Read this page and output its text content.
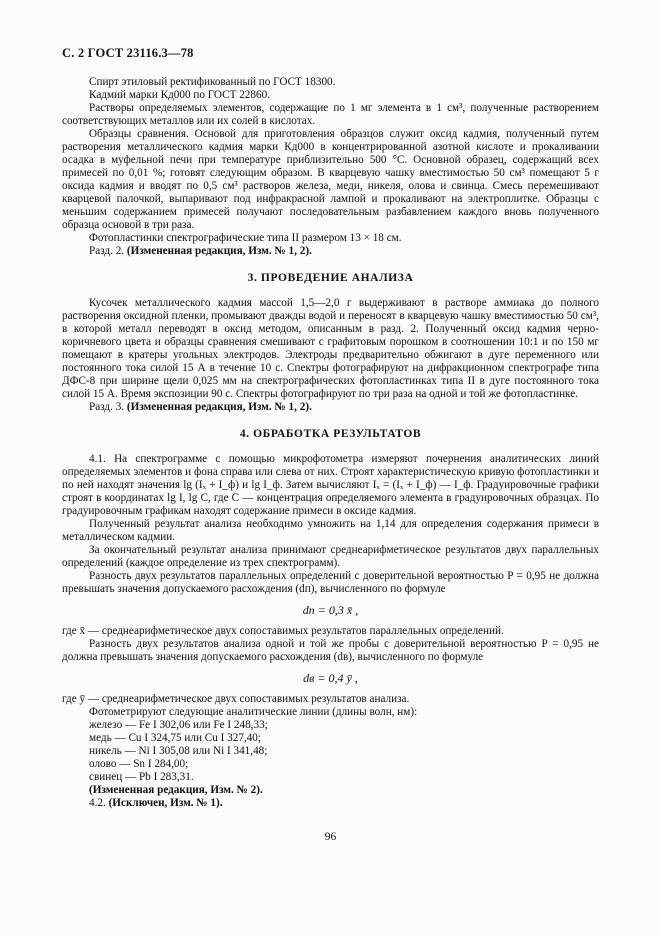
С. 2 ГОСТ 23116.3—78

Спирт этиловый ректификованный по ГОСТ 18300.

Кадмий марки Кд000 по ГОСТ 22860.

Растворы определяемых элементов, содержащие по 1 мг элемента в 1 см³, полученные растворением соответствующих металлов или их солей в кислотах.

Образцы сравнения. Основой для приготовления образцов служит оксид кадмия, полученный путем растворения металлического кадмия марки Кд000 в концентрированной азотной кислоте и прокаливании осадка в муфельной печи при температуре приблизительно 500 °С. Основной образец, содержащий всех примесей по 0,01 %; готовят следующим образом. В кварцевую чашку вместимостью 50 см³ помещают 5 г оксида кадмия и вводят по 0,5 см³ растворов железа, меди, никеля, олова и свинца. Смесь перемешивают кварцевой палочкой, выпаривают под инфракрасной лампой и прокаливают на электроплитке. Образцы с меньшим содержанием примесей получают последовательным разбавлением каждого вновь полученного образца основой в три раза.

Фотопластинки спектрографические типа II размером 13 × 18 см.

Разд. 2. (Измененная редакция, Изм. № 1, 2).

3. ПРОВЕДЕНИЕ АНАЛИЗА

Кусочек металлического кадмия массой 1,5—2,0 г выдерживают в растворе аммиака до полного растворения оксидной пленки, промывают дважды водой и переносят в кварцевую чашку вместимостью 50 см³, в которой металл переводят в оксид методом, описанным в разд. 2. Полученный оксид кадмия черно-коричневого цвета и образцы сравнения смешивают с графитовым порошком в соотношении 10:1 и по 150 мг помещают в кратеры угольных электродов. Электроды предварительно обжигают в дуге переменного или постоянного тока силой 15 А в течение 10 с. Спектры фотографируют на дифракционном спектрографе типа ДФС-8 при ширине щели 0,025 мм на спектрографических фотопластинках типа II в дуге постоянного тока силой 15 А. Время экспозиции 90 с. Спектры фотографируют по три раза на одной и той же фотопластинке.

Разд. 3. (Измененная редакция, Изм. № 1, 2).

4. ОБРАБОТКА РЕЗУЛЬТАТОВ

4.1. На спектрограмме с помощью микрофотометра измеряют почернения аналитических линий определяемых элементов и фона справа или слева от них. Строят характеристическую кривую фотопластинки и по ней находят значения lg (Iₓ + I_ф) и lg I_ф. Затем вычисляют Iₓ = (Iₓ + I_ф) — I_ф. Градуировочные графики строят в координатах lg I, lg C, где C — концентрация определяемого элемента в градуировочных образцах. По градуировочным графикам находят содержание примеси в оксиде кадмия.

Полученный результат анализа необходимо умножить на 1,14 для определения содержания примеси в металлическом кадмии.

За окончательный результат анализа принимают среднеарифметическое результатов двух параллельных определений (каждое определение из трех спектрограмм).

Разность двух результатов параллельных определений с доверительной вероятностью P = 0,95 не должна превышать значения допускаемого расхождения (dп), вычисленного по формуле

dп = 0,3 x̄ ,

где x̄ — среднеарифметическое двух сопоставимых результатов параллельных определений.

Разность двух результатов анализа одной и той же пробы с доверительной вероятностью P = 0,95 не должна превышать значения допускаемого расхождения (dв), вычисленного по формуле

dв = 0,4 ȳ ,

где ȳ — среднеарифметическое двух сопоставимых результатов анализа.

Фотометрируют следующие аналитические линии (длины волн, нм):

железо — Fe I 302,06 или Fe I 248,33;

медь — Cu I 324,75 или Cu I 327,40;

никель — Ni I 305,08 или Ni I 341,48;

олово — Sn I 284,00;

свинец — Pb I 283,31.

(Измененная редакция, Изм. № 2).

4.2. (Исключен, Изм. № 1).

96
